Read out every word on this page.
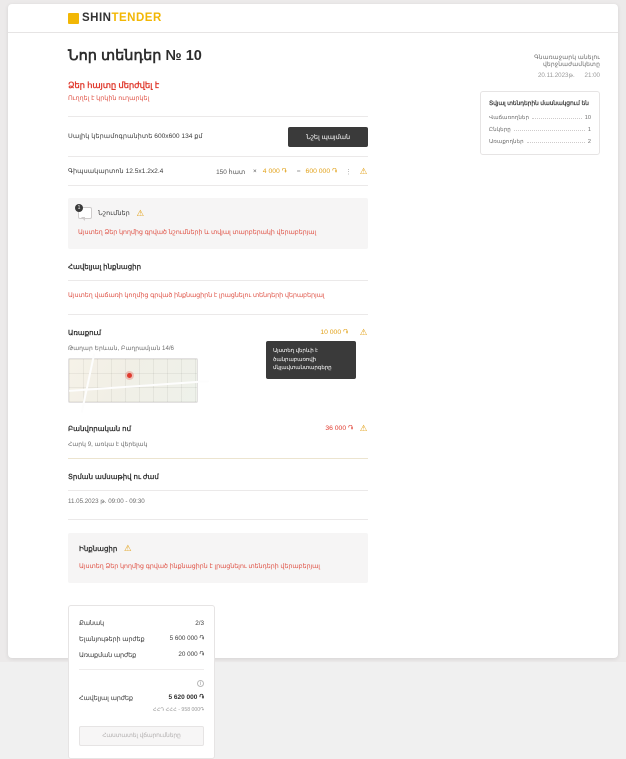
SHIN TENDER
Նոր տենդեր № 10

Ձեր հայտը մերժվել է

Ուղղել է կրկին ուղարկել

Սալիկ կերամոգրանիտե 600x600 134 քմ	Նշել պայման
Գիպսակարտոն 12.5x1.2x2.4	150 հատ × 4 000 ֏ = 600 000 ֏ ⋮ ⚠
1
Նշումներ ⚠
Այստեղ Ձեր կողմից գրված նշումների և տվյալ տարբերակի վերաբերյալ
Հավելյալ ինքնացիր
Այստեղ վաճառի կողմից գրված ինքնացիրն է լրացնելու տենդերի վերաբերյալ
Առաքում	10 000 ֏ ⚠
Թաղար Երևան, Բաղրամյան 14/6
Բանվորական ոմ	36 000 ֏ ⚠
Հարկ 9, առկա է վերելակ
Տրման ամսաթիվ ու ժամ
11.05.2023 թ. 09:00 - 09:30
Ինքնացիր ⚠
Այստեղ Ձեր կողմից գրված ինքնացիրն է լրացնելու տենդերի վերաբերյալ
Քանակ	2/3
Ելանյութերի արժեք	5 600 000 ֏
Առաքման արժեք	20 000 ֏
i
Հավելյալ արժեք	5 620 000 ֏
ՀՀԴ ՀՀՀ - 958 000֏
Հաստատել վճարումները
Գնառաջարկ անելու վերջնաժամկետը
20.11.2023թ. 21:00
Տվյալ տենդերին մասնակցում են
Վաճառողներ	10
Ընկերը	1
Առաքողներ	2
Այստեղ վերևի է ծանրաբառովի մկլավտանտարգերը
